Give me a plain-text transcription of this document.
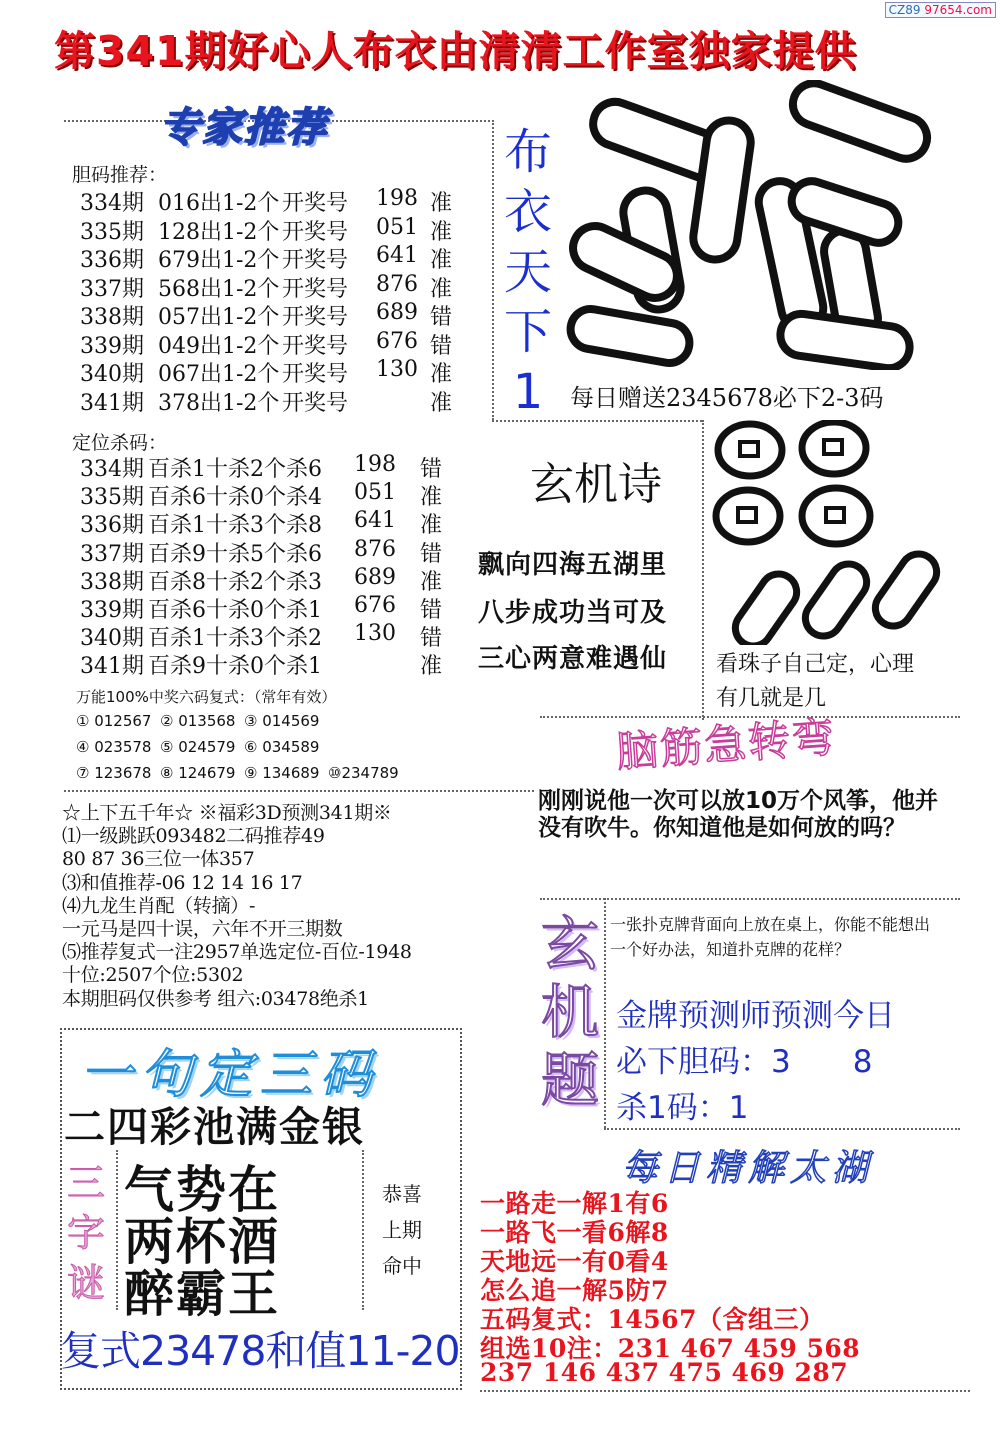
CZ89 97654.com
第341期好心人布衣由清清工作室独家提供
专家推荐
胆码推荐：
334期 016出1-2个 开奖号 198 准
335期 128出1-2个 开奖号 051 准
336期 679出1-2个 开奖号 641 准
337期 568出1-2个 开奖号 876 准
338期 057出1-2个 开奖号 689 错
339期 049出1-2个 开奖号 676 错
340期 067出1-2个 开奖号 130 准
341期 378出1-2个 开奖号	准
定位杀码：
334期 百杀1十杀2个杀6 198 错
335期 百杀6十杀0个杀4 051 准
336期 百杀1十杀3个杀8 641 准
337期 百杀9十杀5个杀6 876 错
338期 百杀8十杀2个杀3 689 准
339期 百杀6十杀0个杀1 676 错
340期 百杀1十杀3个杀2 130 错
341期 百杀9十杀0个杀1	准
万能100%中奖六码复式：（常年有效）
① 012567 ② 013568 ③ 014569
④ 023578 ⑤ 024579 ⑥ 034589
⑦ 123678 ⑧ 124679 ⑨ 134689 ⑩234789
☆上下五千年☆ ※福彩3D预测341期※
⑴一级跳跃093482二码推荐49
80 87 36三位一体357
⑶和值推荐-06 12 14 16 17
⑷九龙生肖配（转摘）-
一元马是四十误，六年不开三期数
⑸推荐复式一注2957单选定位-百位-1948
十位:2507个位:5302
本期胆码仅供参考 组六:03478绝杀1
布
衣
天
下
1	每日赠送2345678必下2-3码
玄机诗
飘向四海五湖里
八步成功当可及
三心两意难遇仙 看珠子自己定，心理
有几就是几
脑筋急转弯
刚刚说他一次可以放10万个风筝，他并没有吹牛。你知道他是如何放的吗？
玄
机
题
一张扑克牌背面向上放在桌上，你能不能想出一个好办法，知道扑克牌的花样？
金牌预测师预测今日
必下胆码：3　　8
杀1码：1
每日精解太湖
一路走一解1有6
一路飞一看6解8
天地远一有0看4
怎么追一解5防7
五码复式：14567（含组三）
组选10注：231 467 459 568
237 146 437 475 469 287
一句定三码
二四彩池满金银
三
字
谜
气势在
两杯酒
醉霸王
恭喜
上期
命中
复式23478和值11-20
